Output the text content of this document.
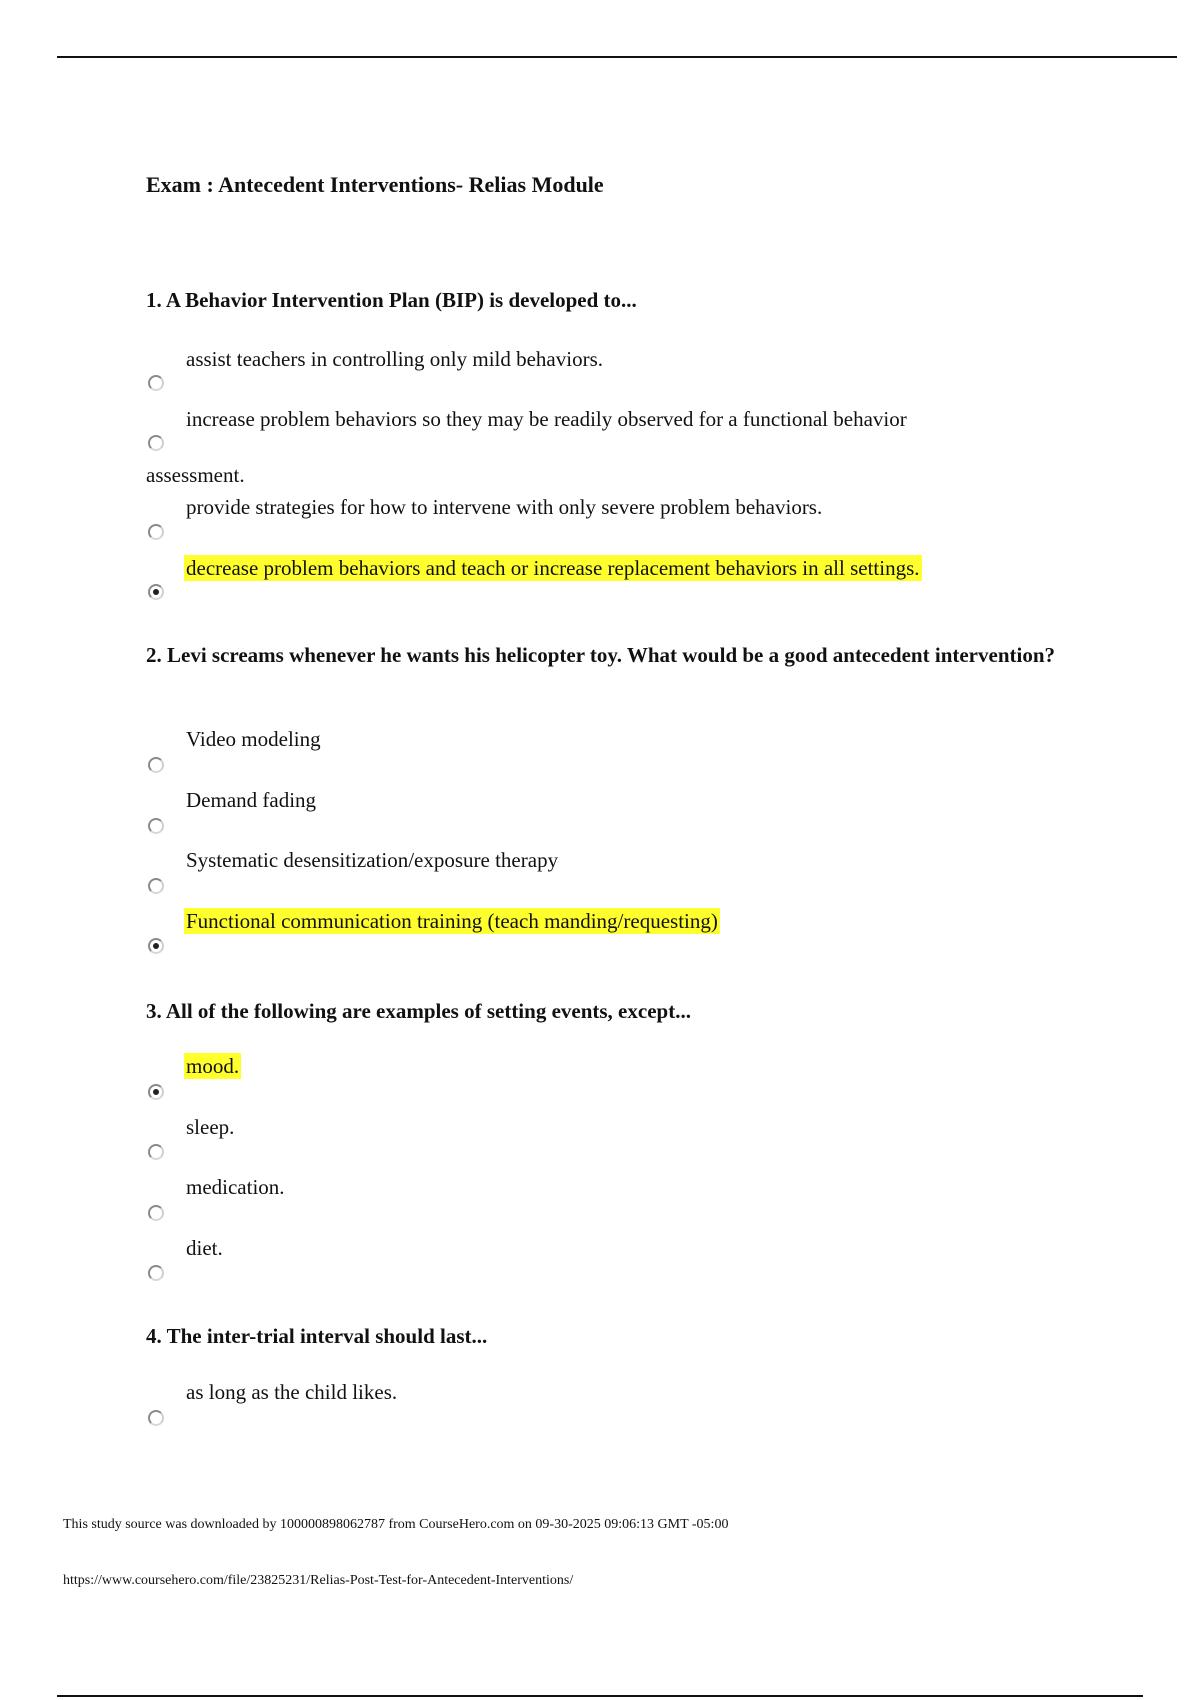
Exam : Antecedent Interventions- Relias Module
1. A Behavior Intervention Plan (BIP) is developed to...
assist teachers in controlling only mild behaviors.
increase problem behaviors so they may be readily observed for a functional behavior
assessment.
provide strategies for how to intervene with only severe problem behaviors.
decrease problem behaviors and teach or increase replacement behaviors in all settings.
2. Levi screams whenever he wants his helicopter toy. What would be a good antecedent intervention?
Video modeling
Demand fading
Systematic desensitization/exposure therapy
Functional communication training (teach manding/requesting)
3. All of the following are examples of setting events, except...
mood.
sleep.
medication.
diet.
4. The inter-trial interval should last...
as long as the child likes.
This study source was downloaded by 100000898062787 from CourseHero.com on 09-30-2025 09:06:13 GMT -05:00
https://www.coursehero.com/file/23825231/Relias-Post-Test-for-Antecedent-Interventions/
